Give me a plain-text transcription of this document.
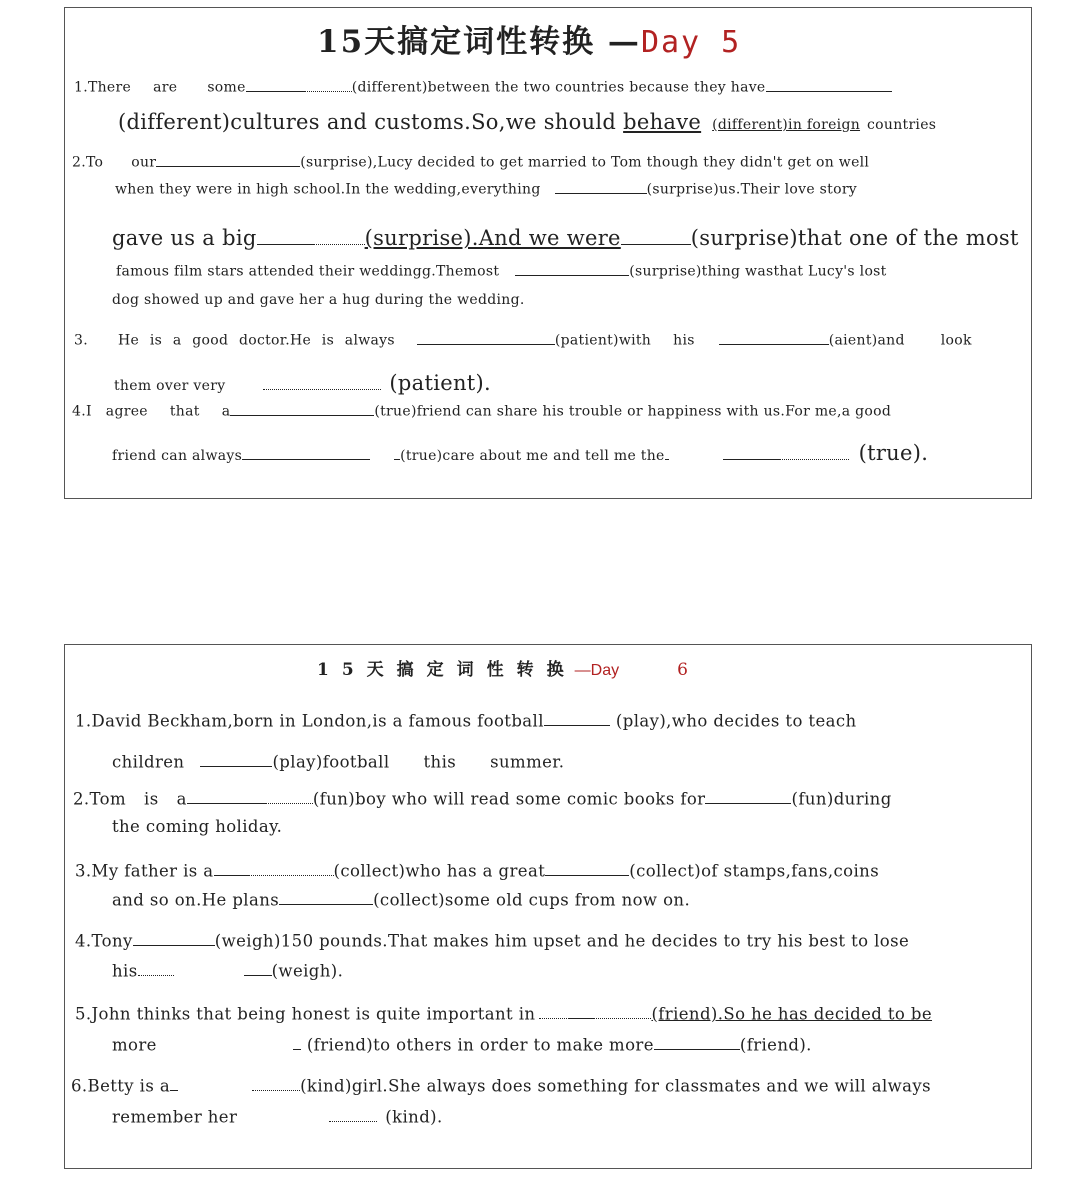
15天搞定词性转换 —Day 5
1.There are some	(different)between the two countries because they have
(different)cultures and customs.So,we should behave (different)in foreign countries
2.To our	(surprise),Lucy decided to get married to Tom though they didn't get on well
when they were in high school.In the wedding,everything	(surprise)us.Their love story
gave us a big	(surprise).And we were	(surprise)that one of the most
famous film stars attended their weddingg.Themost	(surprise)thing wasthat Lucy's lost
dog showed up and gave her a hug during the wedding.
3. He is a good doctor.He is always	(patient)with his	(aient)and	look
them over very	(patient).
4.I agree that a	(true)friend can share his trouble or happiness with us.For me,a good
friend can always	(true)care about me and tell me the	(true).
15天搞定词性转换—Day	6
1.David Beckham,born in London,is a famous football	(play),who decides to teach
children	(play)football this summer.
2.Tom is a	(fun)boy who will read some comic books for	(fun)during
the coming holiday.
3.My father is a	(collect)who has a great	(collect)of stamps,fans,coins
and so on.He plans	(collect)some old cups from now on.
4.Tony	(weigh)150 pounds.That makes him upset and he decides to try his best to lose
his	(weigh).
5.John thinks that being honest is quite important in	(friend).So he has decided to be
more	(friend)to others in order to make more	(friend).
6.Betty is a	(kind)girl.She always does something for classmates and we will always
remember her	(kind).
